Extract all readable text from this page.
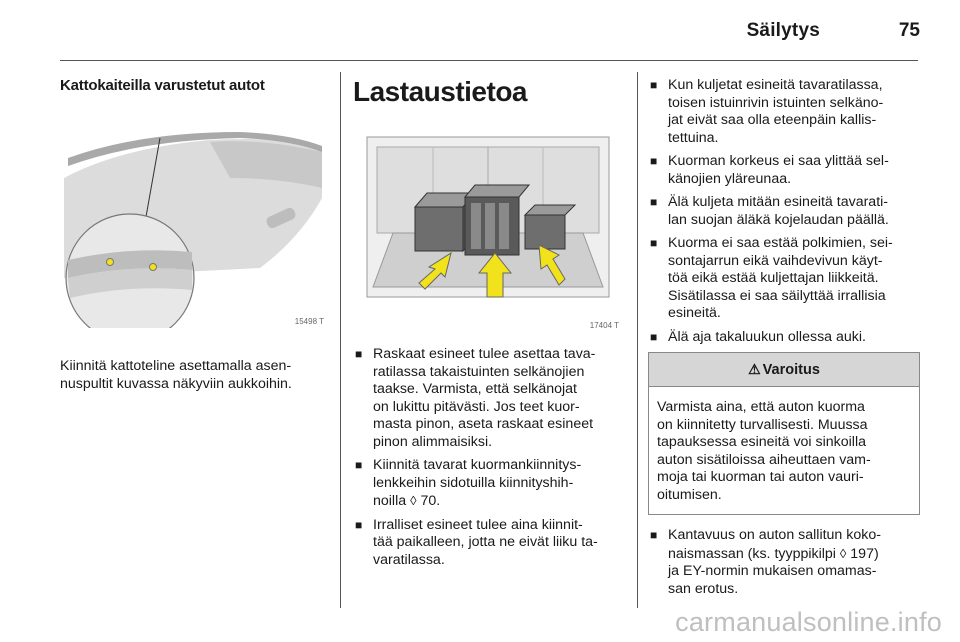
Säilytys	75
Kattokaiteilla varustetut autot
15498 T
Kiinnitä kattoteline asettamalla asen-
nuspultit kuvassa näkyviin aukkoihin.
Lastaustietoa
17404 T
■ Raskaat esineet tulee asettaa tava-
ratilassa takaistuinten selkänojien
taakse. Varmista, että selkänojat
on lukittu pitävästi. Jos teet kuor-
masta pinon, aseta raskaat esineet
pinon alimmaisiksi.
■ Kiinnitä tavarat kuormankiinnitys-
lenkkeihin sidotuilla kiinnityshih-
noilla ◊ 70.
■ Irralliset esineet tulee aina kiinnit-
tää paikalleen, jotta ne eivät liiku ta-
varatilassa.
■ Kun kuljetat esineitä tavaratilassa,
toisen istuinrivin istuinten selkäno-
jat eivät saa olla eteenpäin kallis-
tettuina.
■ Kuorman korkeus ei saa ylittää sel-
känojien yläreunaa.
■ Älä kuljeta mitään esineitä tavarati-
lan suojan äläkä kojelaudan päällä.
■ Kuorma ei saa estää polkimien, sei-
sontajarrun eikä vaihdevivun käyt-
töä eikä estää kuljettajan liikkeitä.
Sisätilassa ei saa säilyttää irrallisia
esineitä.
■ Älä aja takaluukun ollessa auki.
⚠ Varoitus
Varmista aina, että auton kuorma
on kiinnitetty turvallisesti. Muussa
tapauksessa esineitä voi sinkoilla
auton sisätiloissa aiheuttaen vam-
moja tai kuorman tai auton vauri-
oitumisen.
■ Kantavuus on auton sallitun koko-
naismassan (ks. tyyppikilpi ◊ 197)
ja EY-normin mukaisen omamas-
san erotus.
carmanualsonline.info
